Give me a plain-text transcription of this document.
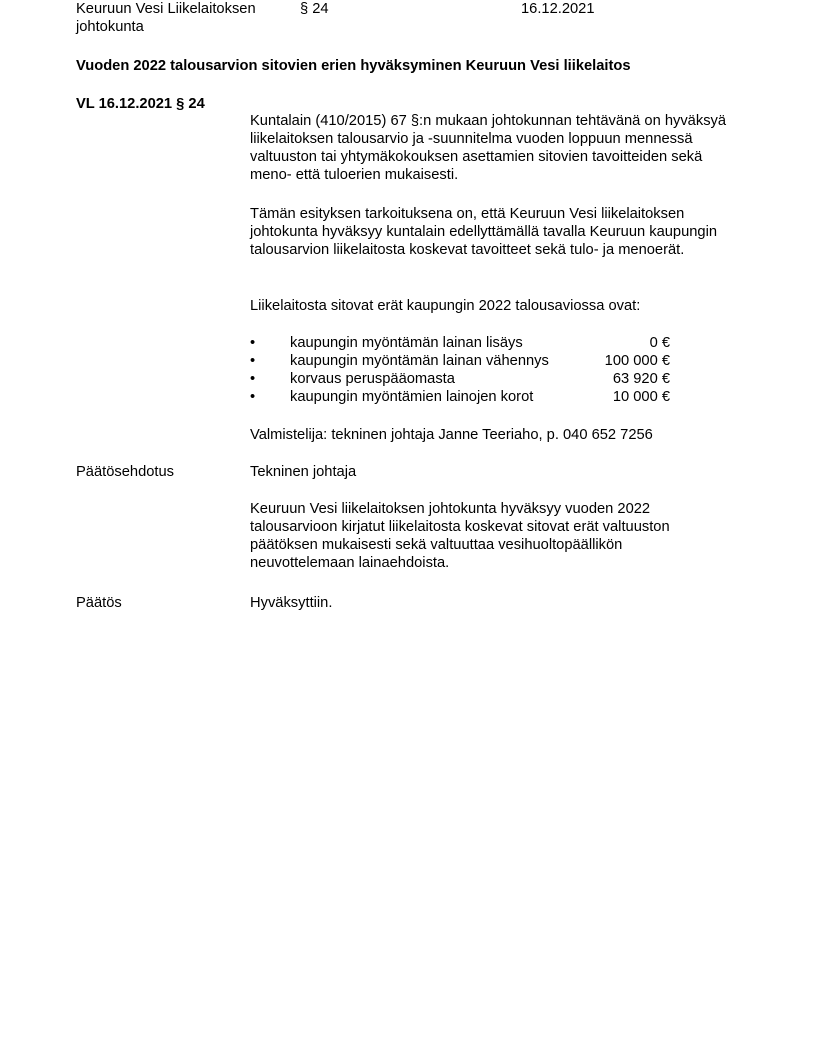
Keuruun Vesi Liikelaitoksen johtokunta
§ 24	16.12.2021
Vuoden 2022 talousarvion sitovien erien hyväksyminen Keuruun Vesi liikelaitos
VL 16.12.2021 § 24

Kuntalain (410/2015) 67 §:n mukaan johtokunnan tehtävänä on hyväksyä liikelaitoksen talousarvio ja -suunnitelma vuoden loppuun mennessä valtuuston tai yhtymäkokouksen asettamien sitovien tavoitteiden sekä meno- että tuloerien mukaisesti.

Tämän esityksen tarkoituksena on, että Keuruun Vesi liikelaitoksen johtokunta hyväksyy kuntalain edellyttämällä tavalla Keuruun kaupungin talousarvion liikelaitosta koskevat tavoitteet sekä tulo- ja menoerät.

Liikelaitosta sitovat erät kaupungin 2022 talousaviossa ovat:

• kaupungin myöntämän lainan lisäys	0 €
• kaupungin myöntämän lainan vähennys	100 000 €
• korvaus peruspääomasta	63 920 €
• kaupungin myöntämien lainojen korot	10 000 €
Valmistelija: tekninen johtaja Janne Teeriaho, p. 040 652 7256
Päätösehdotus	Tekninen johtaja

Keuruun Vesi liikelaitoksen johtokunta hyväksyy vuoden 2022 talousarvioon kirjatut liikelaitosta koskevat sitovat erät valtuuston päätöksen mukaisesti sekä valtuuttaa vesihuoltopäällikön neuvottelemaan lainaehdoista.

Päätös	Hyväksyttiin.
